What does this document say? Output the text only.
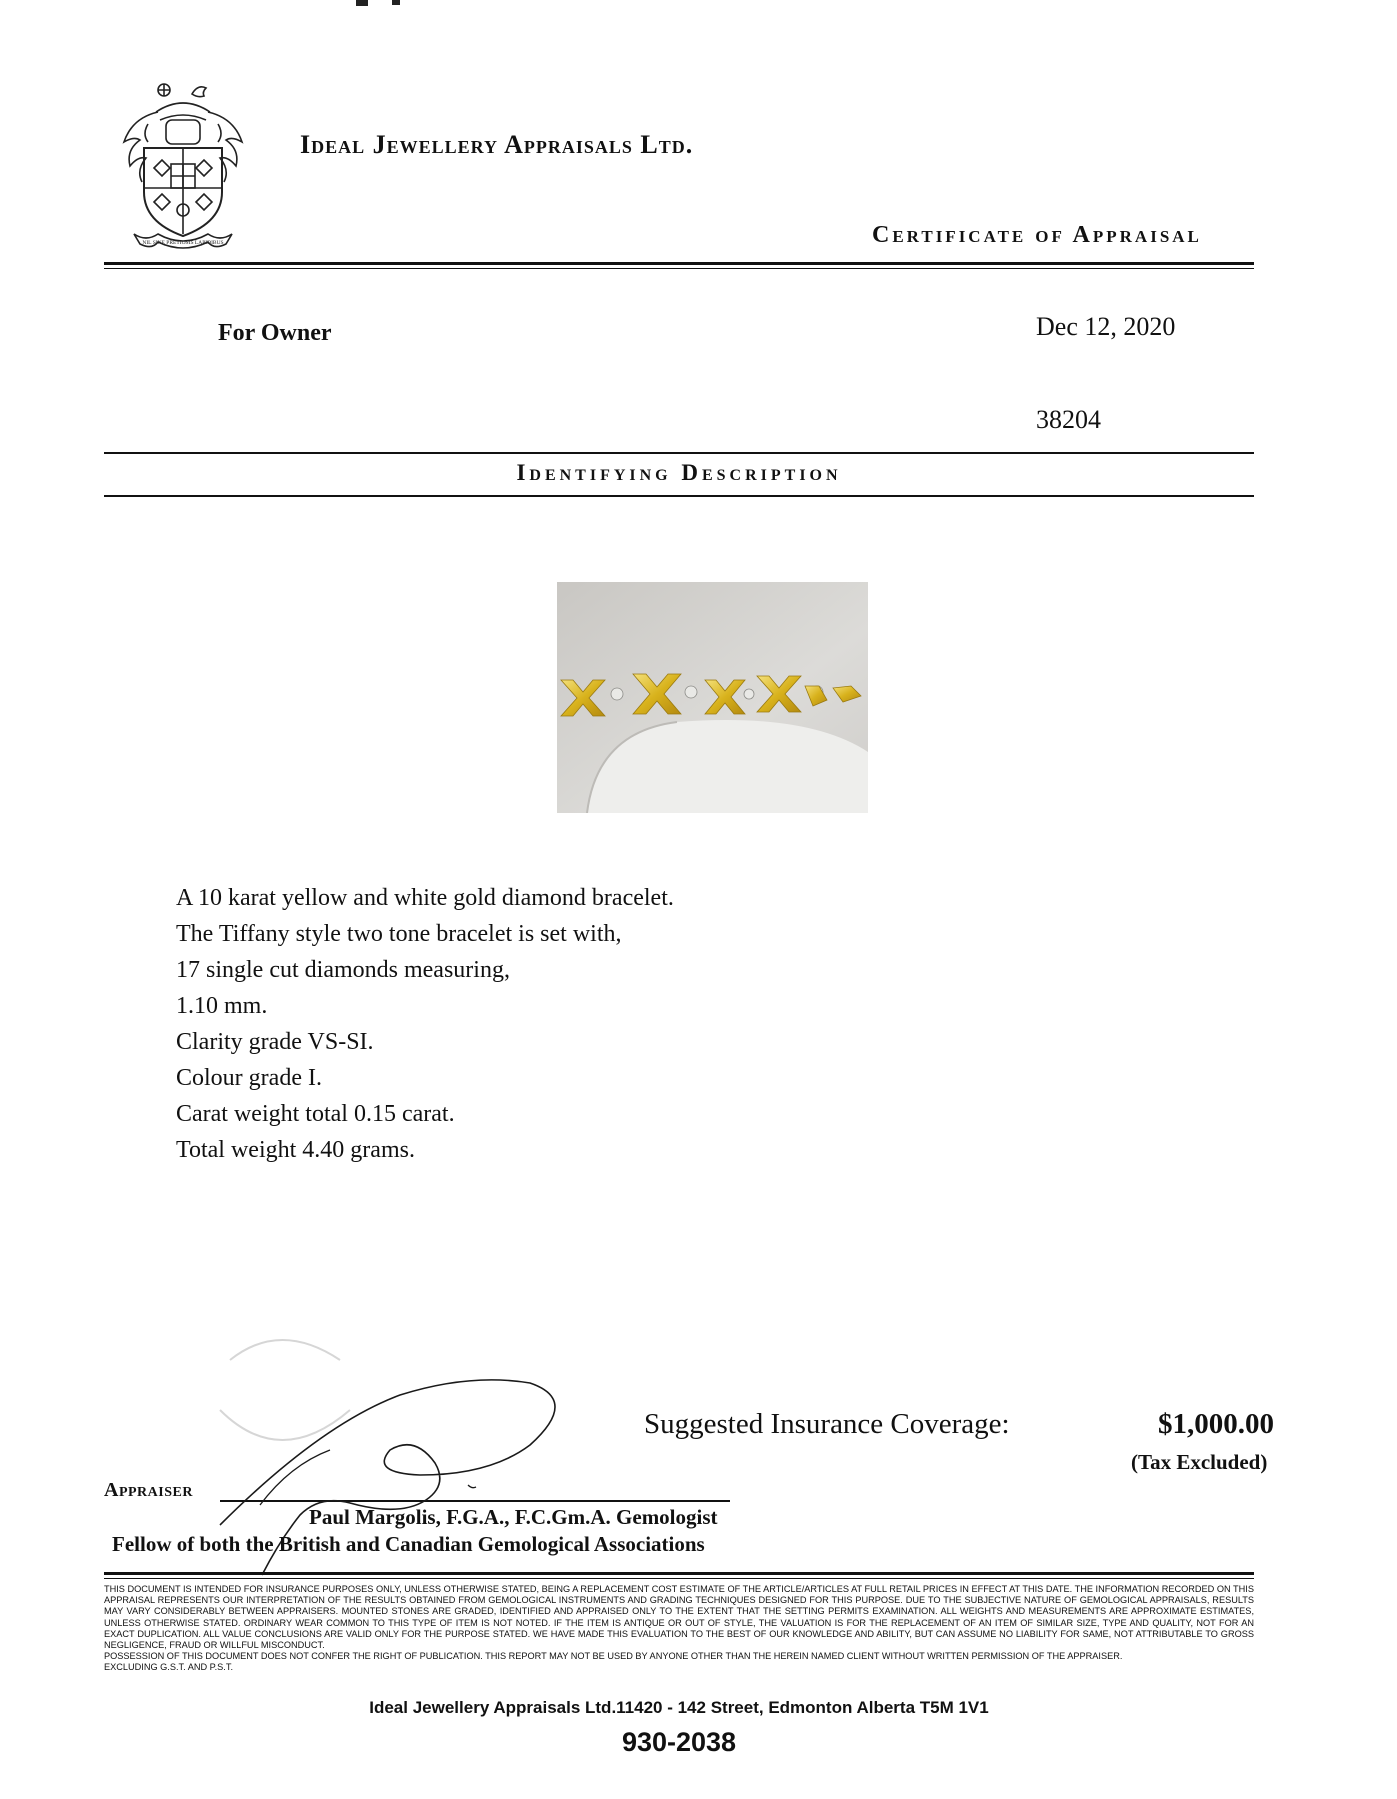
NIL SINE PRETIOSIS LAPIDIBUS
Ideal Jewellery Appraisals Ltd.
Certificate of Appraisal
For Owner	Dec 12, 2020
38204
Identifying Description
A 10 karat yellow and white gold diamond bracelet.
The Tiffany style two tone bracelet is set with,
17 single cut diamonds measuring,
1.10 mm.
Clarity grade VS-SI.
Colour grade I.
Carat weight total 0.15 carat.
Total weight 4.40 grams.
Suggested Insurance Coverage:	$1,000.00
(Tax Excluded)
Appraiser
Paul Margolis, F.G.A., F.C.Gm.A. Gemologist
Fellow of both the British and Canadian Gemological Associations

THIS DOCUMENT IS INTENDED FOR INSURANCE PURPOSES ONLY, UNLESS OTHERWISE STATED, BEING A REPLACEMENT COST ESTIMATE OF THE ARTICLE/ARTICLES AT FULL RETAIL PRICES IN EFFECT AT THIS DATE. THE INFORMATION RECORDED ON THIS APPRAISAL REPRESENTS OUR INTERPRETATION OF THE RESULTS OBTAINED FROM GEMOLOGICAL INSTRUMENTS AND GRADING TECHNIQUES DESIGNED FOR THIS PURPOSE. DUE TO THE SUBJECTIVE NATURE OF GEMOLOGICAL APPRAISALS, RESULTS MAY VARY CONSIDERABLY BETWEEN APPRAISERS. MOUNTED STONES ARE GRADED, IDENTIFIED AND APPRAISED ONLY TO THE EXTENT THAT THE SETTING PERMITS EXAMINATION. ALL WEIGHTS AND MEASUREMENTS ARE APPROXIMATE ESTIMATES, UNLESS OTHERWISE STATED. ORDINARY WEAR COMMON TO THIS TYPE OF ITEM IS NOT NOTED. IF THE ITEM IS ANTIQUE OR OUT OF STYLE, THE VALUATION IS FOR THE REPLACEMENT OF AN ITEM OF SIMILAR SIZE, TYPE AND QUALITY, NOT FOR AN EXACT DUPLICATION. ALL VALUE CONCLUSIONS ARE VALID ONLY FOR THE PURPOSE STATED. WE HAVE MADE THIS EVALUATION TO THE BEST OF OUR KNOWLEDGE AND ABILITY, BUT CAN ASSUME NO LIABILITY FOR SAME, NOT ATTRIBUTABLE TO GROSS NEGLIGENCE, FRAUD OR WILLFUL MISCONDUCT.

POSSESSION OF THIS DOCUMENT DOES NOT CONFER THE RIGHT OF PUBLICATION. THIS REPORT MAY NOT BE USED BY ANYONE OTHER THAN THE HEREIN NAMED CLIENT WITHOUT WRITTEN PERMISSION OF THE APPRAISER.

EXCLUDING G.S.T. AND P.S.T.

Ideal Jewellery Appraisals Ltd.11420 - 142 Street, Edmonton Alberta T5M 1V1
930-2038
